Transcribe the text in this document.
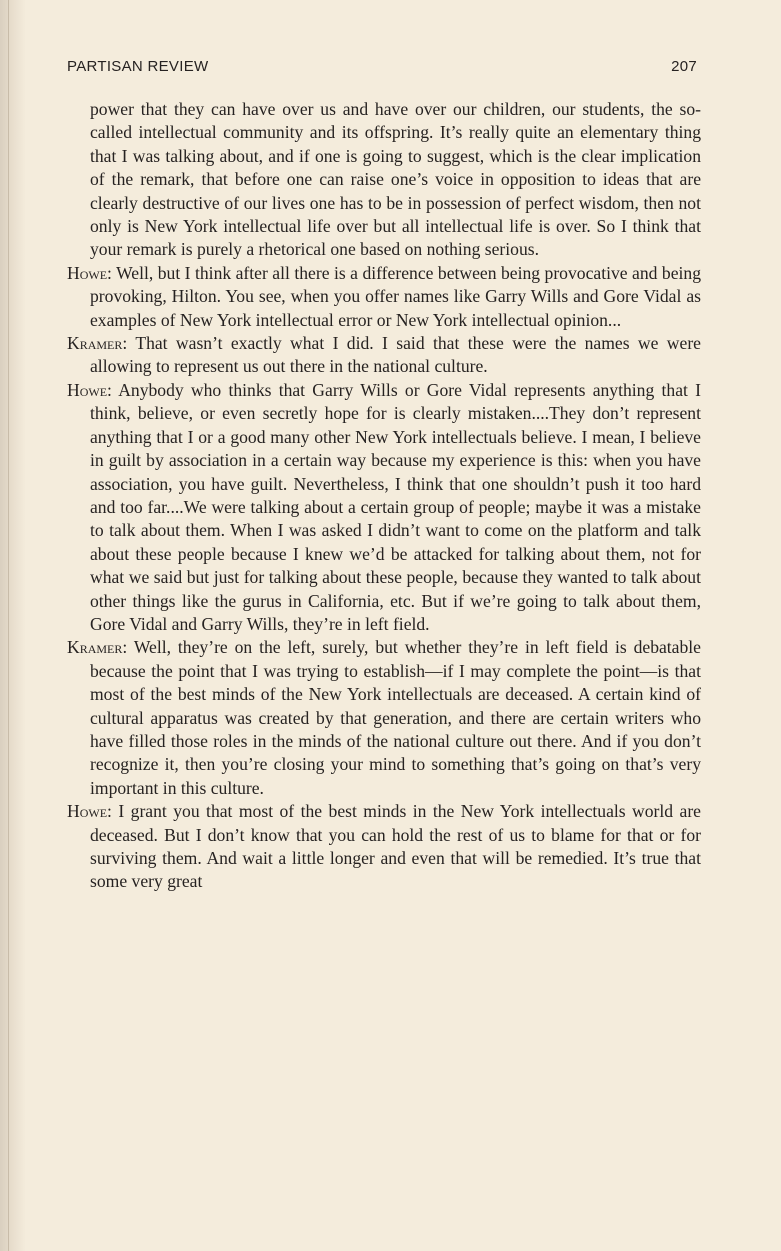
PARTISAN REVIEW	207

power that they can have over us and have over our children, our students, the so-called intellectual community and its offspring. It’s really quite an elementary thing that I was talking about, and if one is going to suggest, which is the clear implication of the remark, that before one can raise one’s voice in opposition to ideas that are clearly destructive of our lives one has to be in possession of perfect wisdom, then not only is New York intellectual life over but all intellectual life is over. So I think that your remark is purely a rhetorical one based on nothing serious.

Howe: Well, but I think after all there is a difference between being provocative and being provoking, Hilton. You see, when you offer names like Garry Wills and Gore Vidal as examples of New York intellectual error or New York intellectual opinion...

Kramer: That wasn’t exactly what I did. I said that these were the names we were allowing to represent us out there in the national culture.

Howe: Anybody who thinks that Garry Wills or Gore Vidal represents anything that I think, believe, or even secretly hope for is clearly mistaken....They don’t represent anything that I or a good many other New York intellectuals believe. I mean, I believe in guilt by association in a certain way because my experience is this: when you have association, you have guilt. Nevertheless, I think that one shouldn’t push it too hard and too far....We were talking about a certain group of people; maybe it was a mistake to talk about them. When I was asked I didn’t want to come on the platform and talk about these people because I knew we’d be attacked for talking about them, not for what we said but just for talking about these people, because they wanted to talk about other things like the gurus in California, etc. But if we’re going to talk about them, Gore Vidal and Garry Wills, they’re in left field.

Kramer: Well, they’re on the left, surely, but whether they’re in left field is debatable because the point that I was trying to establish—if I may complete the point—is that most of the best minds of the New York intellectuals are deceased. A certain kind of cultural apparatus was created by that generation, and there are certain writers who have filled those roles in the minds of the national culture out there. And if you don’t recognize it, then you’re closing your mind to something that’s going on that’s very important in this culture.

Howe: I grant you that most of the best minds in the New York intellectuals world are deceased. But I don’t know that you can hold the rest of us to blame for that or for surviving them. And wait a little longer and even that will be remedied. It’s true that some very great
